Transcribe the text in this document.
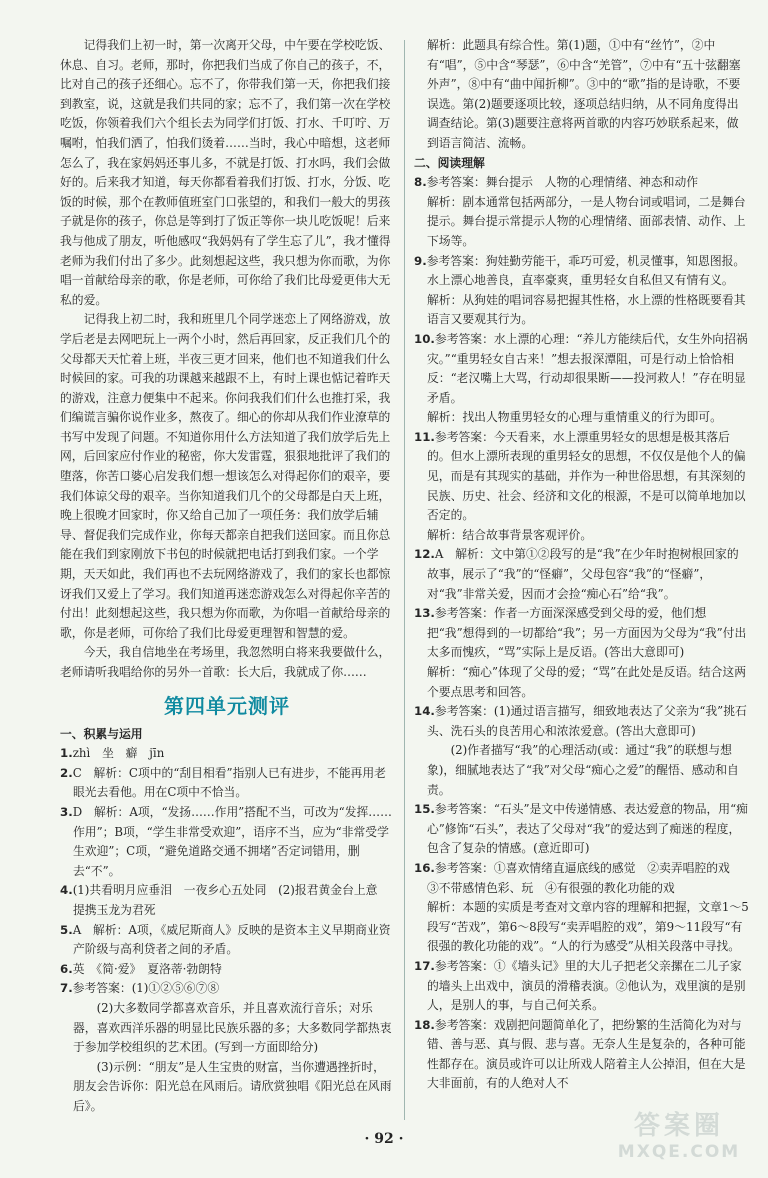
记得我们上初一时，第一次离开父母，中午要在学校吃饭、休息、自习。老师，那时，你把我们当成了你自己的孩子，不，比对自己的孩子还细心。忘不了，你带我们第一天，你把我们接到教室，说，这就是我们共同的家；忘不了，我们第一次在学校吃饭，你领着我们六个组长去为同学们打饭、打水、千叮咛、万嘱咐，怕我们洒了，怕我们烫着……当时，我心中暗想，这老师怎么了，我在家妈妈还事儿多，不就是打饭、打水吗，我们会做好的。后来我才知道，每天你都看着我们打饭、打水，分饭、吃饭的时候，那个在教师值班室门口张望的，和我们一般大的男孩子就是你的孩子，你总是等到打了饭正等你一块儿吃饭呢！后来我与他成了朋友，听他感叹“我妈妈有了学生忘了儿”，我才懂得老师为我们付出了多少。此刻想起这些，我只想为你而歌，为你唱一首献给母亲的歌，你是老师，可你给了我们比母爱更伟大无私的爱。

记得我上初二时，我和班里几个同学迷恋上了网络游戏，放学后老是去网吧玩上一两个小时，然后再回家，反正我们几个的父母都天天忙着上班，半夜三更才回来，他们也不知道我们什么时候回的家。可我的功课越来越跟不上，有时上课也惦记着昨天的游戏，注意力便集中不起来。你问我我们们什么也推打采，我们编谎言骗你说作业多，熬夜了。细心的你却从我们作业潦草的书写中发现了问题。不知道你用什么方法知道了我们放学后先上网，后回家应付作业的秘密，你大发雷霆，狠狠地批评了我们的堕落，你苦口婆心启发我们想一想该怎么对得起你们的艰辛，要我们体谅父母的艰辛。当你知道我们几个的父母都是白天上班，晚上很晚才回家时，你又给自己加了一项任务：我们放学后辅导、督促我们完成作业，你每天都亲自把我们送回家。而且你总能在我们到家刚放下书包的时候就把电话打到我们家。一个学期，天天如此，我们再也不去玩网络游戏了，我们的家长也都惊讶我们又爱上了学习。我们知道再迷恋游戏怎么对得起你辛苦的付出！此刻想起这些，我只想为你而歌，为你唱一首献给母亲的歌，你是老师，可你给了我们比母爱更理智和智慧的爱。

今天，我自信地坐在考场里，我忽然明白将来我要做什么，老师请听我唱给你的另外一首歌：长大后，我就成了你……

第四单元测评

一、积累与运用

1.zhì　坐　癖　jīn

2.C　解析：C项中的“刮目相看”指别人已有进步，不能再用老眼光去看他。用在C项中不恰当。

3.D　解析：A项，“发扬……作用”搭配不当，可改为“发挥……作用”；B项，“学生非常受欢迎”，语序不当，应为“非常受学生欢迎”；C项，“避免道路交通不拥堵”否定词错用，删去“不”。

4.(1)共看明月应垂泪　一夜乡心五处同　(2)报君黄金台上意　提携玉龙为君死

5.A　解析：A项，《威尼斯商人》反映的是资本主义早期商业资产阶级与高利贷者之间的矛盾。

6.英　《简·爱》　夏洛蒂·勃朗特

7.参考答案：(1)①②⑤⑥⑦⑧

(2)大多数同学都喜欢音乐，并且喜欢流行音乐；对乐器，喜欢西洋乐器的明显比民族乐器的多；大多数同学都热衷于参加学校组织的艺术团。(写到一方面即给分)

(3)示例：“朋友”是人生宝贵的财富，当你遭遇挫折时，朋友会告诉你：阳光总在风雨后。请欣赏独唱《阳光总在风雨后》。

解析：此题具有综合性。第(1)题，①中有“丝竹”，②中有“唱”，⑤中含“琴瑟”，⑥中含“羌管”，⑦中有“五十弦翻塞外声”，⑧中有“曲中闻折柳”。③中的“歌”指的是诗歌，不要误选。第(2)题要逐项比较，逐项总结归纳，从不同角度得出调查结论。第(3)题要注意将两首歌的内容巧妙联系起来，做到语言简洁、流畅。

二、阅读理解

8.参考答案：舞台提示　人物的心理情绪、神态和动作

解析：剧本通常包括两部分，一是人物台词或唱词，二是舞台提示。舞台提示常提示人物的心理情绪、面部表情、动作、上下场等。

9.参考答案：狗娃勤劳能干，乖巧可爱，机灵懂事，知恩图报。水上漂心地善良，直率豪爽，重男轻女自私但又有情有义。

解析：从狗娃的唱词容易把握其性格，水上漂的性格既要看其语言又要观其行为。

10.参考答案：水上漂的心理：“养儿方能续后代，女生外向招祸灾。”“重男轻女自古来！”想去报深潭阻，可是行动上恰恰相反：“老汉嘴上大骂，行动却很果断——投河救人！”存在明显矛盾。

解析：找出人物重男轻女的心理与重情重义的行为即可。

11.参考答案：今天看来，水上漂重男轻女的思想是极其落后的。但水上漂所表现的重男轻女的思想，不仅仅是他个人的偏见，而是有其现实的基础，并作为一种世俗思想，有其深刻的民族、历史、社会、经济和文化的根源，不是可以简单地加以否定的。

解析：结合故事背景客观评价。

12.A　解析：文中第①②段写的是“我”在少年时抱树根回家的故事，展示了“我”的“怪癖”，父母包容“我”的“怪癖”，对“我”非常关爱，因而才会捡“痴心石”给“我”。

13.参考答案：作者一方面深深感受到父母的爱，他们想把“我”想得到的一切都给“我”；另一方面因为父母为“我”付出太多而愧疚，“骂”实际上是反语。(答出大意即可)

解析：“痴心”体现了父母的爱；“骂”在此处是反语。结合这两个要点思考和回答。

14.参考答案：(1)通过语言描写，细致地表达了父亲为“我”挑石头、洗石头的良苦用心和浓浓爱意。(答出大意即可)

(2)作者描写“我”的心理活动(或：通过“我”的联想与想象)，细腻地表达了“我”对父母“痴心之爱”的醒悟、感动和自责。

15.参考答案：“石头”是文中传递情感、表达爱意的物品，用“痴心”修饰“石头”，表达了父母对“我”的爱达到了痴迷的程度，包含了复杂的情感。(意近即可)

16.参考答案：①喜欢情绪直逼底线的感觉　②卖弄唱腔的戏　③不带感情色彩、玩　④有很强的教化功能的戏

解析：本题的实质是考查对文章内容的理解和把握，文章1～5段写“苦戏”，第6～8段写“卖弄唱腔的戏”，第9～11段写“有很强的教化功能的戏”。“人的行为感受”从相关段落中寻找。

17.参考答案：①《墙头记》里的大儿子把老父亲摞在二儿子家的墙头上出戏中，演员的滑稽表演。②他认为，戏里演的是别人，是别人的事，与自己何关系。

18.参考答案：戏剧把问题简单化了，把纷繁的生活简化为对与错、善与恶、真与假、悲与喜。无奈人生是复杂的，各种可能性都存在。演员或许可以让所戏人陪着主人公掉泪，但在大是大非面前，有的人绝对人不

· 92 ·	答案圈
MXQE.COM
